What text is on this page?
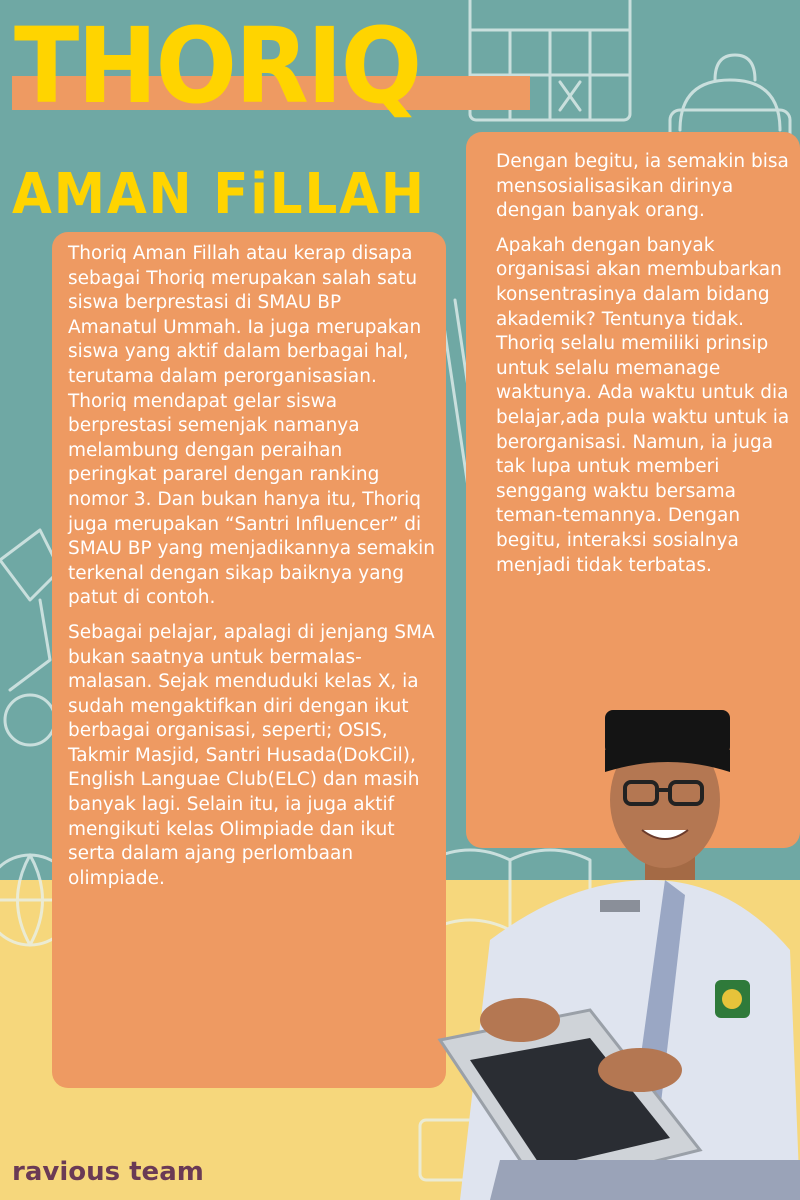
THORIQ
AMAN FiLLAH

Dengan begitu, ia semakin bisa mensosialisasikan dirinya dengan banyak orang.

Apakah dengan banyak organisasi akan membubarkan konsentrasinya dalam bidang akademik? Tentunya tidak. Thoriq selalu memiliki prinsip untuk selalu memanage waktunya. Ada waktu untuk dia belajar,ada pula waktu untuk ia berorganisasi. Namun, ia juga tak lupa untuk memberi senggang waktu bersama teman-temannya. Dengan begitu, interaksi sosialnya menjadi tidak terbatas.

Thoriq Aman Fillah atau kerap disapa sebagai Thoriq merupakan salah satu siswa berprestasi di SMAU BP Amanatul Ummah. Ia juga merupakan siswa yang aktif dalam berbagai hal, terutama dalam perorganisasian. Thoriq mendapat gelar siswa berprestasi semenjak namanya melambung dengan peraihan peringkat pararel dengan ranking nomor 3. Dan bukan hanya itu, Thoriq juga merupakan “Santri Influencer” di SMAU BP yang menjadikannya semakin terkenal dengan sikap baiknya yang patut di contoh.

Sebagai pelajar, apalagi di jenjang SMA bukan saatnya untuk bermalas-malasan. Sejak menduduki kelas X, ia sudah mengaktifkan diri dengan ikut berbagai organisasi, seperti; OSIS, Takmir Masjid, Santri Husada(DokCil), English Languae Club(ELC) dan masih banyak lagi. Selain itu, ia juga aktif mengikuti kelas Olimpiade dan ikut serta dalam ajang perlombaan olimpiade.

ravious team
